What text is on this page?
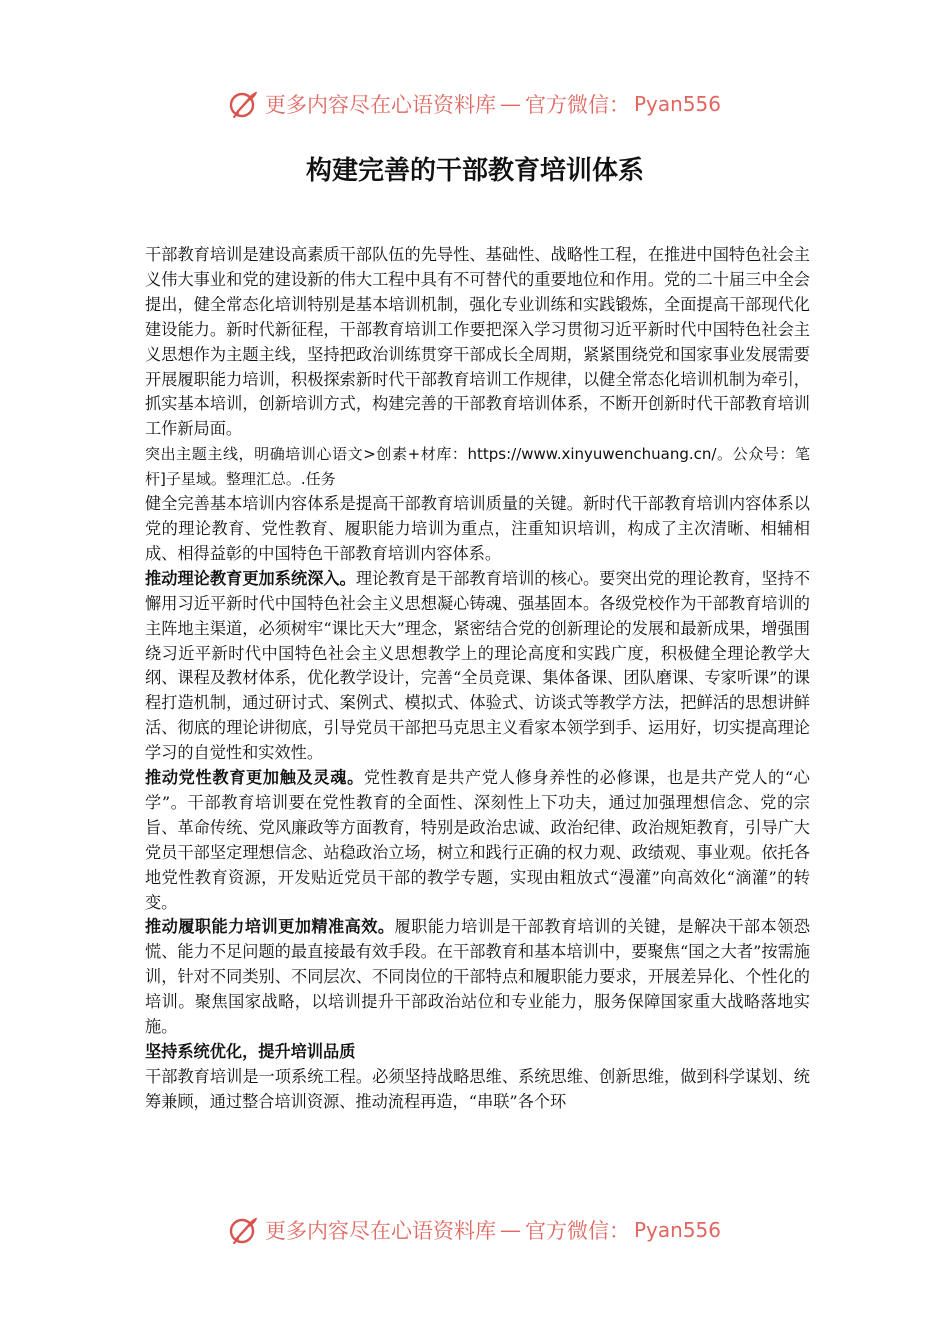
更多内容尽在心语资料库 — 官方微信： Pyan556
构建完善的干部教育培训体系

干部教育培训是建设高素质干部队伍的先导性、基础性、战略性工程，在推进中国特色社会主义伟大事业和党的建设新的伟大工程中具有不可替代的重要地位和作用。党的二十届三中全会提出，健全常态化培训特别是基本培训机制，强化专业训练和实践锻炼，全面提高干部现代化建设能力。新时代新征程，干部教育培训工作要把深入学习贯彻习近平新时代中国特色社会主义思想作为主题主线，坚持把政治训练贯穿干部成长全周期，紧紧围绕党和国家事业发展需要开展履职能力培训，积极探索新时代干部教育培训工作规律，以健全常态化培训机制为牵引，抓实基本培训，创新培训方式，构建完善的干部教育培训体系，不断开创新时代干部教育培训工作新局面。

突出主题主线，明确培训心语文>创素+材库：https://www.xinyuwenchuang.cn/。公众号：笔杆]子星域。整理汇总。.任务

健全完善基本培训内容体系是提高干部教育培训质量的关键。新时代干部教育培训内容体系以党的理论教育、党性教育、履职能力培训为重点，注重知识培训，构成了主次清晰、相辅相成、相得益彰的中国特色干部教育培训内容体系。

推动理论教育更加系统深入。理论教育是干部教育培训的核心。要突出党的理论教育，坚持不懈用习近平新时代中国特色社会主义思想凝心铸魂、强基固本。各级党校作为干部教育培训的主阵地主渠道，必须树牢“课比天大”理念，紧密结合党的创新理论的发展和最新成果，增强围绕习近平新时代中国特色社会主义思想教学上的理论高度和实践广度，积极健全理论教学大纲、课程及教材体系，优化教学设计，完善“全员竞课、集体备课、团队磨课、专家听课”的课程打造机制，通过研讨式、案例式、模拟式、体验式、访谈式等教学方法，把鲜活的思想讲鲜活、彻底的理论讲彻底，引导党员干部把马克思主义看家本领学到手、运用好，切实提高理论学习的自觉性和实效性。

推动党性教育更加触及灵魂。党性教育是共产党人修身养性的必修课，也是共产党人的“心学”。干部教育培训要在党性教育的全面性、深刻性上下功夫，通过加强理想信念、党的宗旨、革命传统、党风廉政等方面教育，特别是政治忠诚、政治纪律、政治规矩教育，引导广大党员干部坚定理想信念、站稳政治立场，树立和践行正确的权力观、政绩观、事业观。依托各地党性教育资源，开发贴近党员干部的教学专题，实现由粗放式“漫灌”向高效化“滴灌”的转变。

推动履职能力培训更加精准高效。履职能力培训是干部教育培训的关键，是解决干部本领恐慌、能力不足问题的最直接最有效手段。在干部教育和基本培训中，要聚焦“国之大者”按需施训，针对不同类别、不同层次、不同岗位的干部特点和履职能力要求，开展差异化、个性化的培训。聚焦国家战略，以培训提升干部政治站位和专业能力，服务保障国家重大战略落地实施。

坚持系统优化，提升培训品质

干部教育培训是一项系统工程。必须坚持战略思维、系统思维、创新思维，做到科学谋划、统筹兼顾，通过整合培训资源、推动流程再造，“串联”各个环

更多内容尽在心语资料库 — 官方微信： Pyan556
